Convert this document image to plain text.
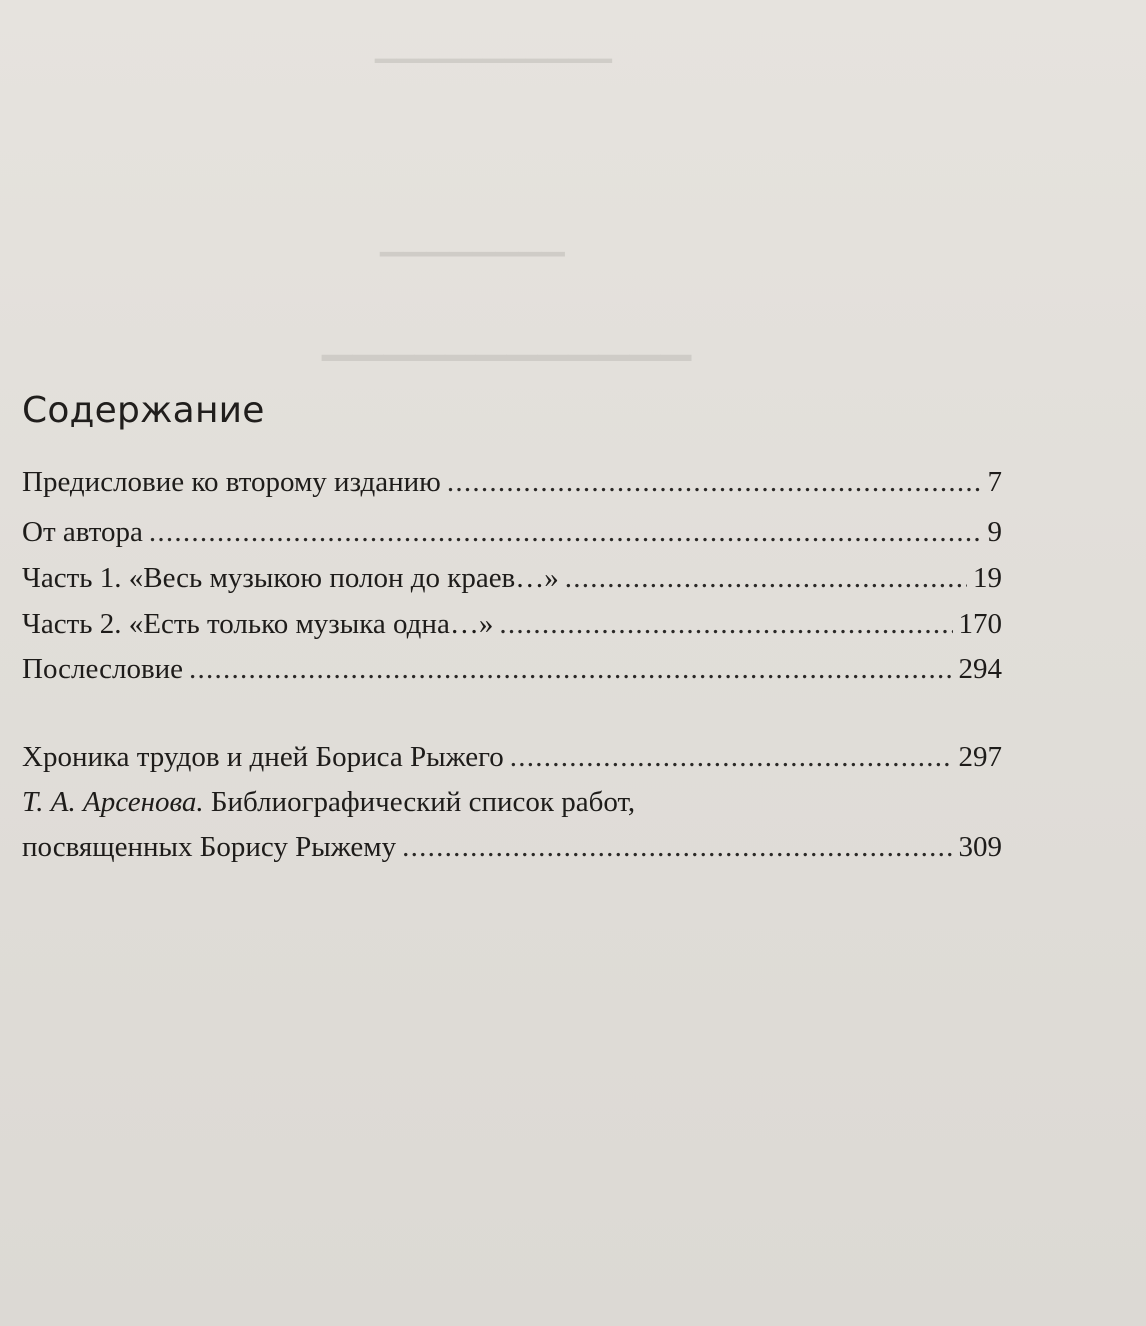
▁▁▁▁▁▁▁▁▁▁▁
▁▁▁▁▁▁▁▁
▁▁▁▁▁▁▁▁▁▁▁▁
Содержание
Предисловие ко второму изданию . . .	7
От автора . . .	9
Часть 1. «Весь музыкою полон до краев…» . . .	19
Часть 2. «Есть только музыка одна…» . . .	170
Послесловие . . .	294
Хроника трудов и дней Бориса Рыжего . . .	297
Т. А. Арсенова. Библиографический список работ,
посвященных Борису Рыжему . . .	309
